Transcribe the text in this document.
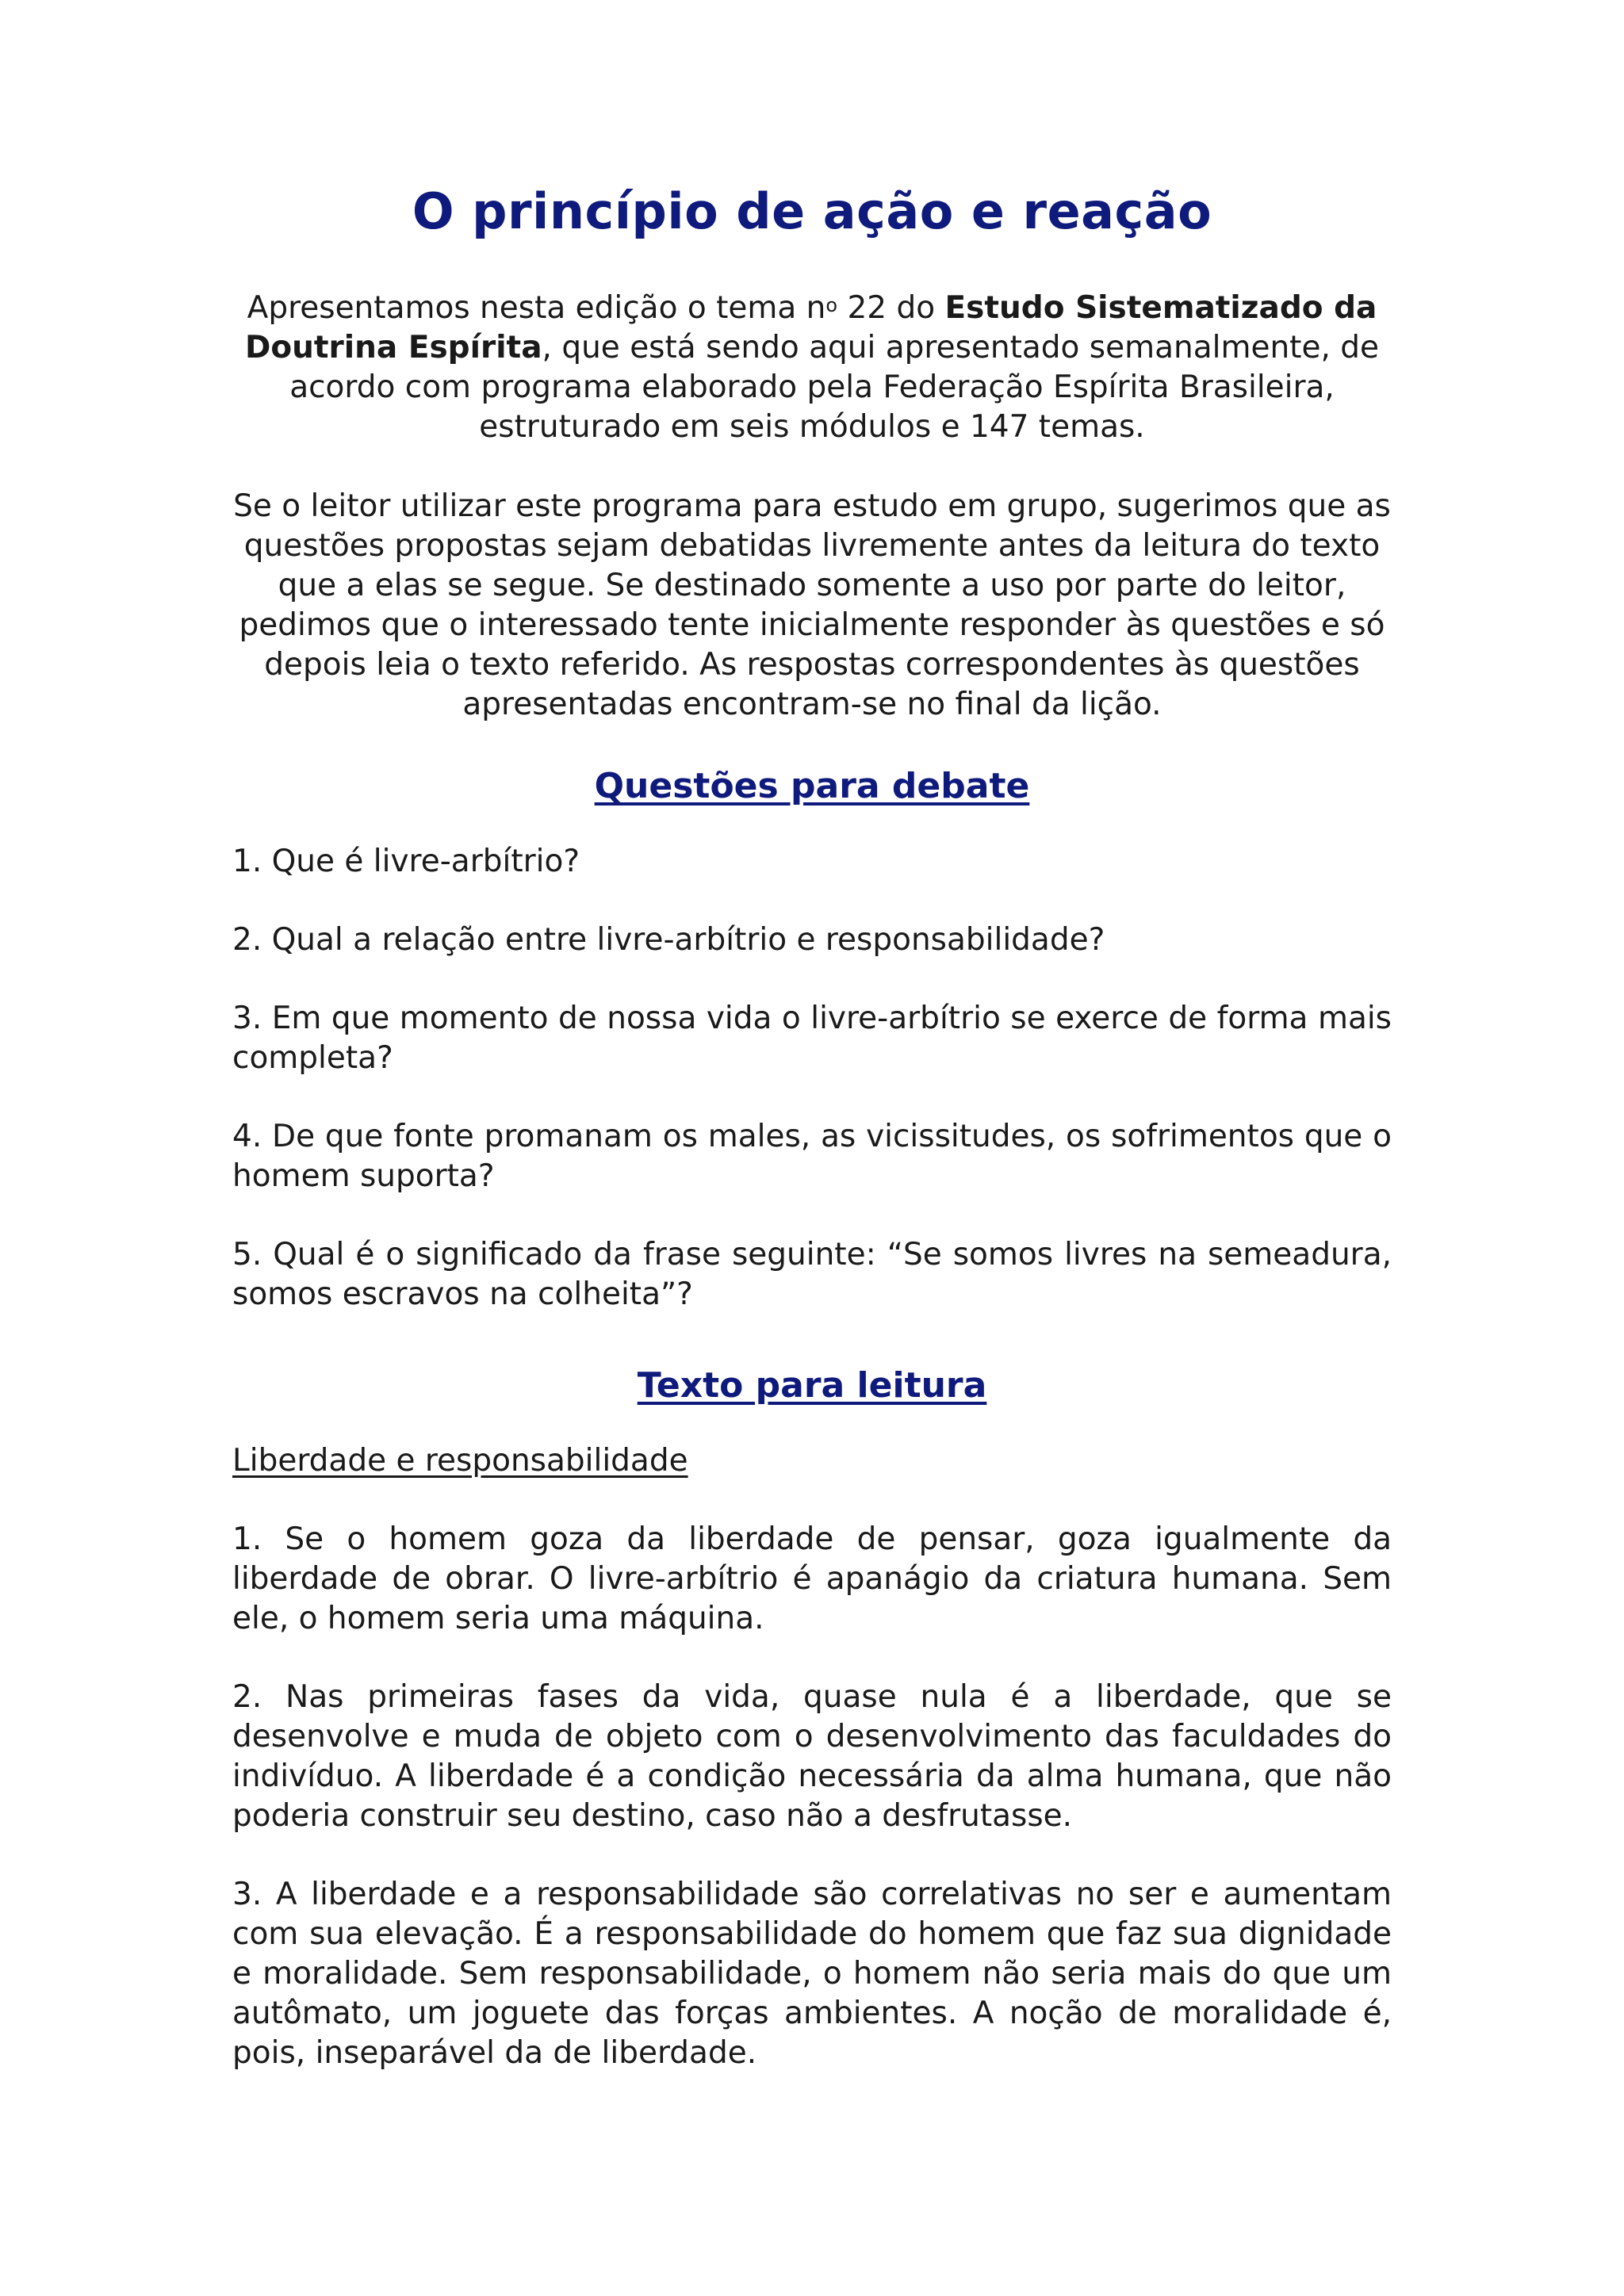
O princípio de ação e reação

Apresentamos nesta edição o tema $n^o$ 22 do Estudo Sistematizado da Doutrina Espírita, que está sendo aqui apresentado semanalmente, de acordo com programa elaborado pela Federação Espírita Brasileira, estruturado em seis módulos e 147 temas.

Se o leitor utilizar este programa para estudo em grupo, sugerimos que as questões propostas sejam debatidas livremente antes da leitura do texto que a elas se segue. Se destinado somente a uso por parte do leitor, pedimos que o interessado tente inicialmente responder às questões e só depois leia o texto referido. As respostas correspondentes às questões apresentadas encontram-se no final da lição.

Questões para debate
1. Que é livre-arbítrio?
2. Qual a relação entre livre-arbítrio e responsabilidade?
3. Em que momento de nossa vida o livre-arbítrio se exerce de forma mais completa?
4. De que fonte promanam os males, as vicissitudes, os sofrimentos que o homem suporta?
5. Qual é o significado da frase seguinte: “Se somos livres na semeadura, somos escravos na colheita”?
Texto para leitura
Liberdade e responsabilidade

1. Se o homem goza da liberdade de pensar, goza igualmente da liberdade de obrar. O livre-arbítrio é apanágio da criatura humana. Sem ele, o homem seria uma máquina.

2. Nas primeiras fases da vida, quase nula é a liberdade, que se desenvolve e muda de objeto com o desenvolvimento das faculdades do indivíduo. A liberdade é a condição necessária da alma humana, que não poderia construir seu destino, caso não a desfrutasse.

3. A liberdade e a responsabilidade são correlativas no ser e aumentam com sua elevação. É a responsabilidade do homem que faz sua dignidade e moralidade. Sem responsabilidade, o homem não seria mais do que um autômato, um joguete das forças ambientes. A noção de moralidade é, pois, inseparável da de liberdade.
